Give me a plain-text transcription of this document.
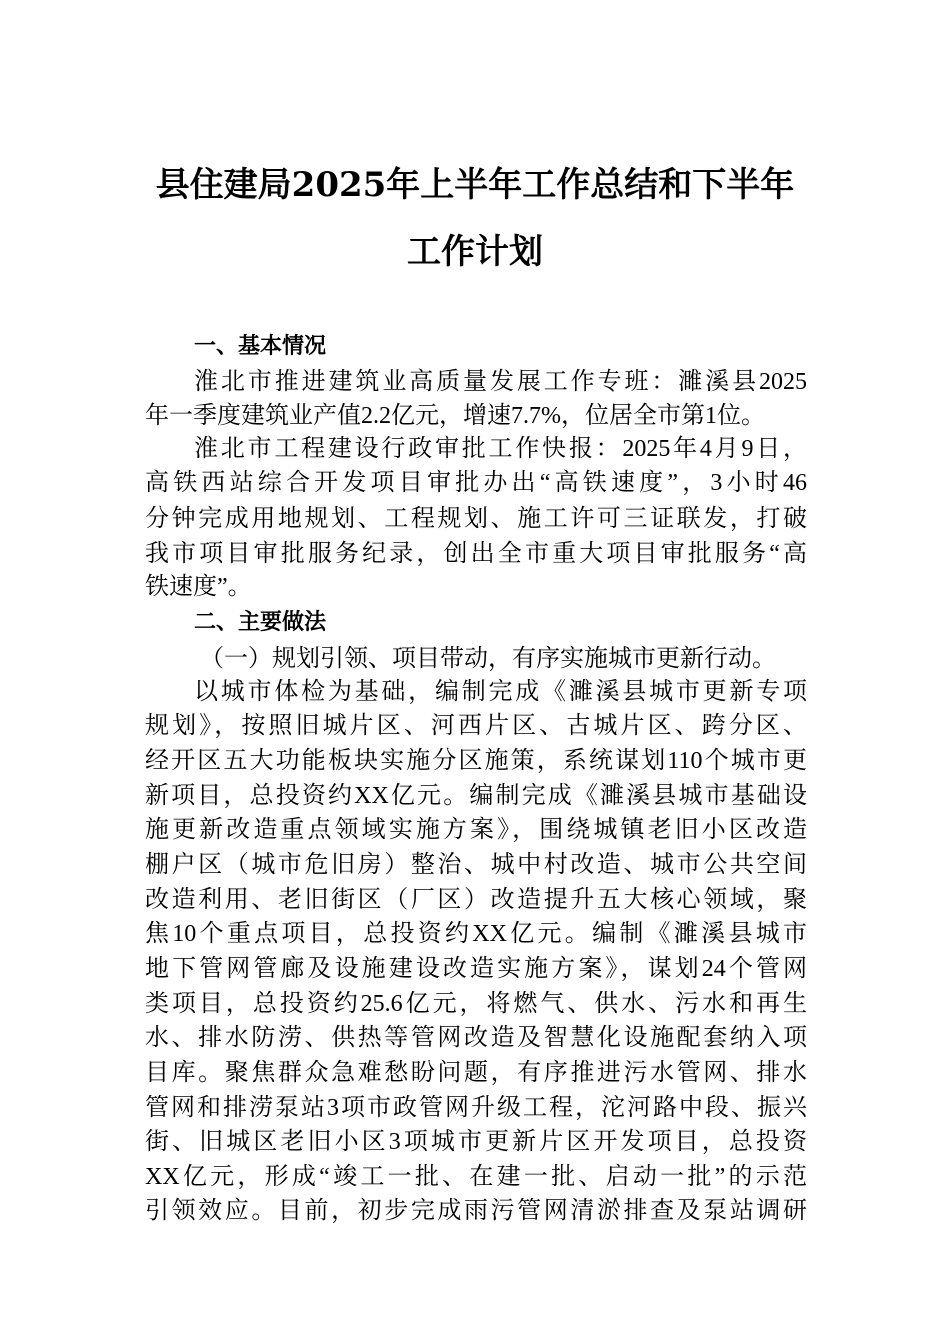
县住建局2025年上半年工作总结和下半年
工作计划
一、基本情况
淮北市推进建筑业高质量发展工作专班：濉溪县2025
年一季度建筑业产值2.2亿元，增速7.7%，位居全市第1位。
淮北市工程建设行政审批工作快报：2025年4月9日，
高铁西站综合开发项目审批办出“高铁速度”，3小时46
分钟完成用地规划、工程规划、施工许可三证联发，打破
我市项目审批服务纪录，创出全市重大项目审批服务“高
铁速度”。
二、主要做法
（一）规划引领、项目带动，有序实施城市更新行动。
以城市体检为基础，编制完成《濉溪县城市更新专项
规划》，按照旧城片区、河西片区、古城片区、跨分区、
经开区五大功能板块实施分区施策，系统谋划110个城市更
新项目，总投资约XX亿元。编制完成《濉溪县城市基础设
施更新改造重点领域实施方案》，围绕城镇老旧小区改造
棚户区（城市危旧房）整治、城中村改造、城市公共空间
改造利用、老旧街区（厂区）改造提升五大核心领域，聚
焦10个重点项目，总投资约XX亿元。编制《濉溪县城市
地下管网管廊及设施建设改造实施方案》，谋划24个管网
类项目，总投资约25.6亿元，将燃气、供水、污水和再生
水、排水防涝、供热等管网改造及智慧化设施配套纳入项
目库。聚焦群众急难愁盼问题，有序推进污水管网、排水
管网和排涝泵站3项市政管网升级工程，沱河路中段、振兴
街、旧城区老旧小区3项城市更新片区开发项目，总投资
XX亿元，形成“竣工一批、在建一批、启动一批”的示范
引领效应。目前，初步完成雨污管网清淤排查及泵站调研
